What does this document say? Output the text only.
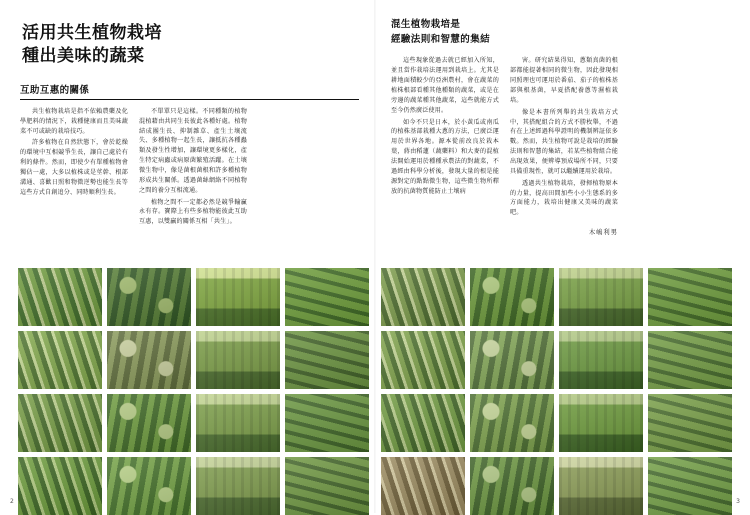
活用共生植物栽培
種出美味的蔬菜
互助互惠的關係

共生植物栽培是指不依賴農藥及化學肥料的情況下，栽種健康而且美味蔬菜不可或缺的栽培技巧。

許多植物在自然狀態下，會於乾燥的環境中互相競爭生長，讓自己處於有利的條件。然而，即使少有單種植物會獨佔一處，大多以植株或是莖幹、根部溝通、喜歡日照和物微逆勢也能生長等這些方式自創追分、同時順利生長。

不單單只是這樣。不同種類的植物混植藉由共同生長彼此各種好處。植物結成團生長、抑制雜草、產生土壤流失、多種植物一起生長，讓抵抗各種蟲類及發生性增加，讓環境更多樣化，產生特定病蟲或病原菌繁殖活躍。在土壤微生物中，像是菌根菌根和許多種植物形成共生關係。透過菌絲網絡不同植物之間的養分互相流通。

植物之間不一定都必然是競爭輸贏永有存。寶際上有些多植物能彼此互助互惠，以雙贏的關係互相「共生」。

2
混生植物栽培是
經驗法則和智慧的集結

這些現象從過去就已經加入所知，並且當作栽培法運用到栽培上。尤其是耕地面積較少的亞洲農村，會在蔬菜的植株根部看種其他種類的蔬菜，或是在旁邊的蔬菜種其他蔬菜，這些就能方式至今仍然廣泛使用。

如今不只是日本，於小黃瓜或南瓜的植株基部栽種大蔥的方法，已廣泛運用於世界各地。源本從前改良於栽本葉，蔣由稻蓮（蔬藥料）和大麥的混植法開始運用於種種承農法的對蔬菜，不過經由科學分析後，發現大量的根是能源對定的點點微生物，這些微生物所釋放的抗菌物質能防止土壤病

害。研究結果得知，蔥類真菌的根部都能提著相同的微生物，因此發現相同照理也可運用於番茄、茄子的植株基部與根基菌，早夏搭配養蔥等濕植栽培。

像是本書所列舉的共生栽培方式中，其搭配組合的方式不勝枚舉，不過有在上述經過科學證明的機制辨証依多數。然而，共生植物可說是栽培的經驗法則和智慧的集結，若某些植物組合能出現效果，便辨導預成場所不同，只要具備重現性，就可以繼續運用於栽培。

透過共生植物栽培，發揮植物原本的力量，提高田間加些小小生態系的多方面能力，栽培出健康又美味的蔬菜吧。

木嶋利男
3
